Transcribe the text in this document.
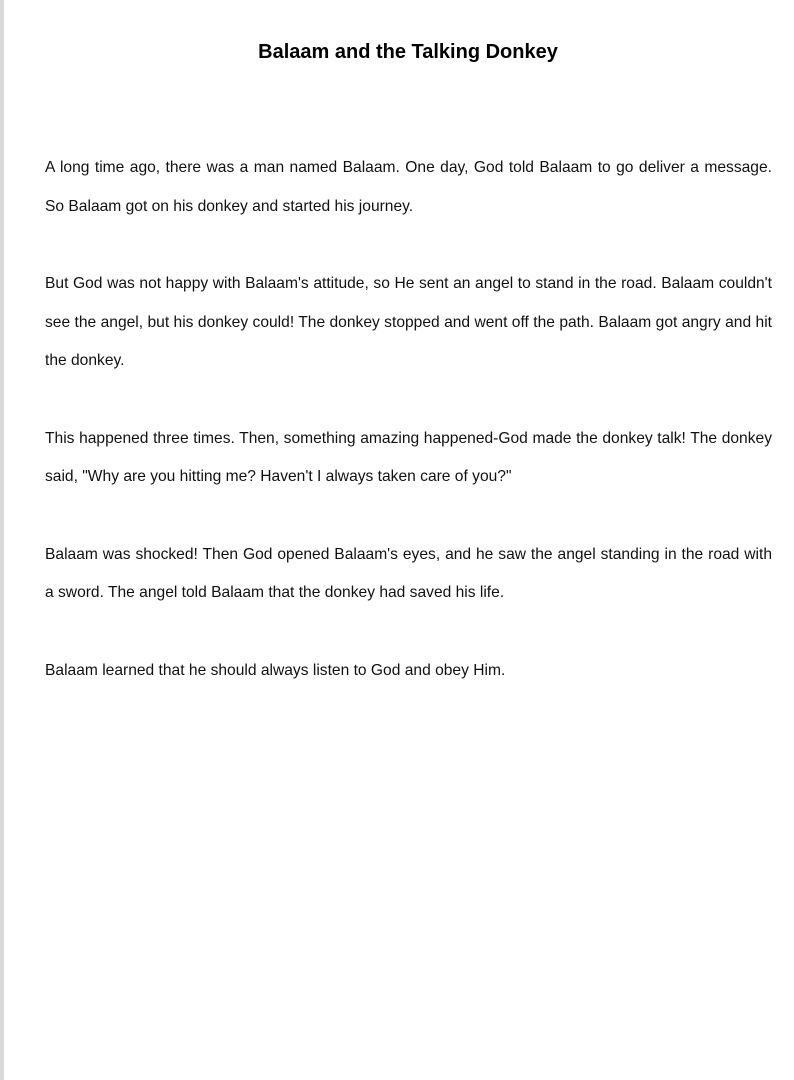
Balaam and the Talking Donkey

A long time ago, there was a man named Balaam. One day, God told Balaam to go deliver a message. So Balaam got on his donkey and started his journey.

But God was not happy with Balaam's attitude, so He sent an angel to stand in the road. Balaam couldn't see the angel, but his donkey could! The donkey stopped and went off the path. Balaam got angry and hit the donkey.

This happened three times. Then, something amazing happened-God made the donkey talk! The donkey said, "Why are you hitting me? Haven't I always taken care of you?"

Balaam was shocked! Then God opened Balaam's eyes, and he saw the angel standing in the road with a sword. The angel told Balaam that the donkey had saved his life.

Balaam learned that he should always listen to God and obey Him.
